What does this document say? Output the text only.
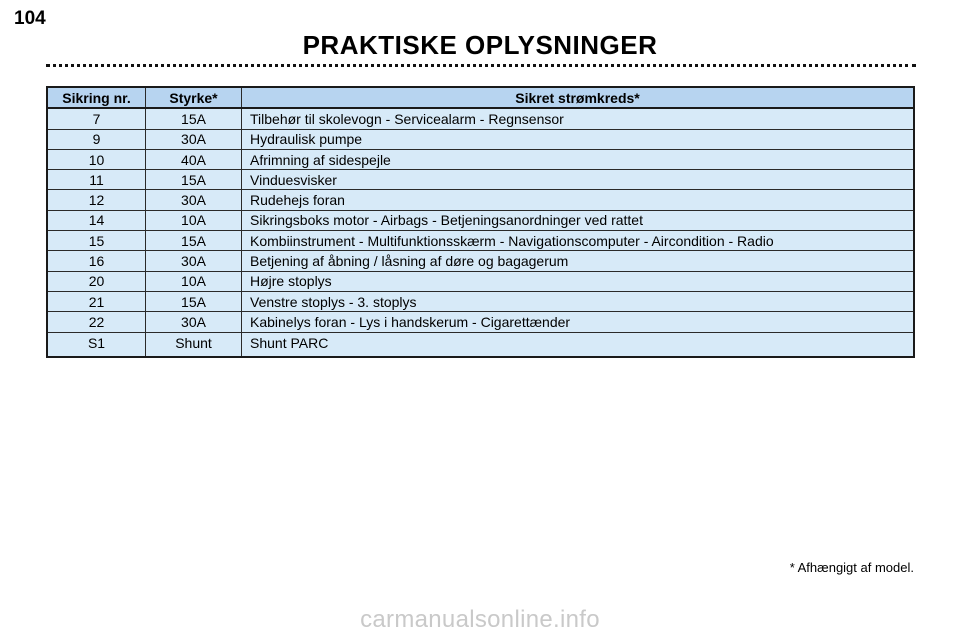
104
PRAKTISKE OPLYSNINGER
Sikring nr.	Styrke*	Sikret strømkreds*
7	15A	Tilbehør til skolevogn - Servicealarm - Regnsensor
9	30A	Hydraulisk pumpe
10	40A	Afrimning af sidespejle
11	15A	Vinduesvisker
12	30A	Rudehejs foran
14	10A	Sikringsboks motor - Airbags - Betjeningsanordninger ved rattet
15	15A	Kombiinstrument - Multifunktionsskærm - Navigationscomputer - Aircondition - Radio
16	30A	Betjening af åbning / låsning af døre og bagagerum
20	10A	Højre stoplys
21	15A	Venstre stoplys - 3. stoplys
22	30A	Kabinelys foran - Lys i handskerum - Cigarettænder
S1	Shunt	Shunt PARC
* Afhængigt af model.
carmanualsonline.info
